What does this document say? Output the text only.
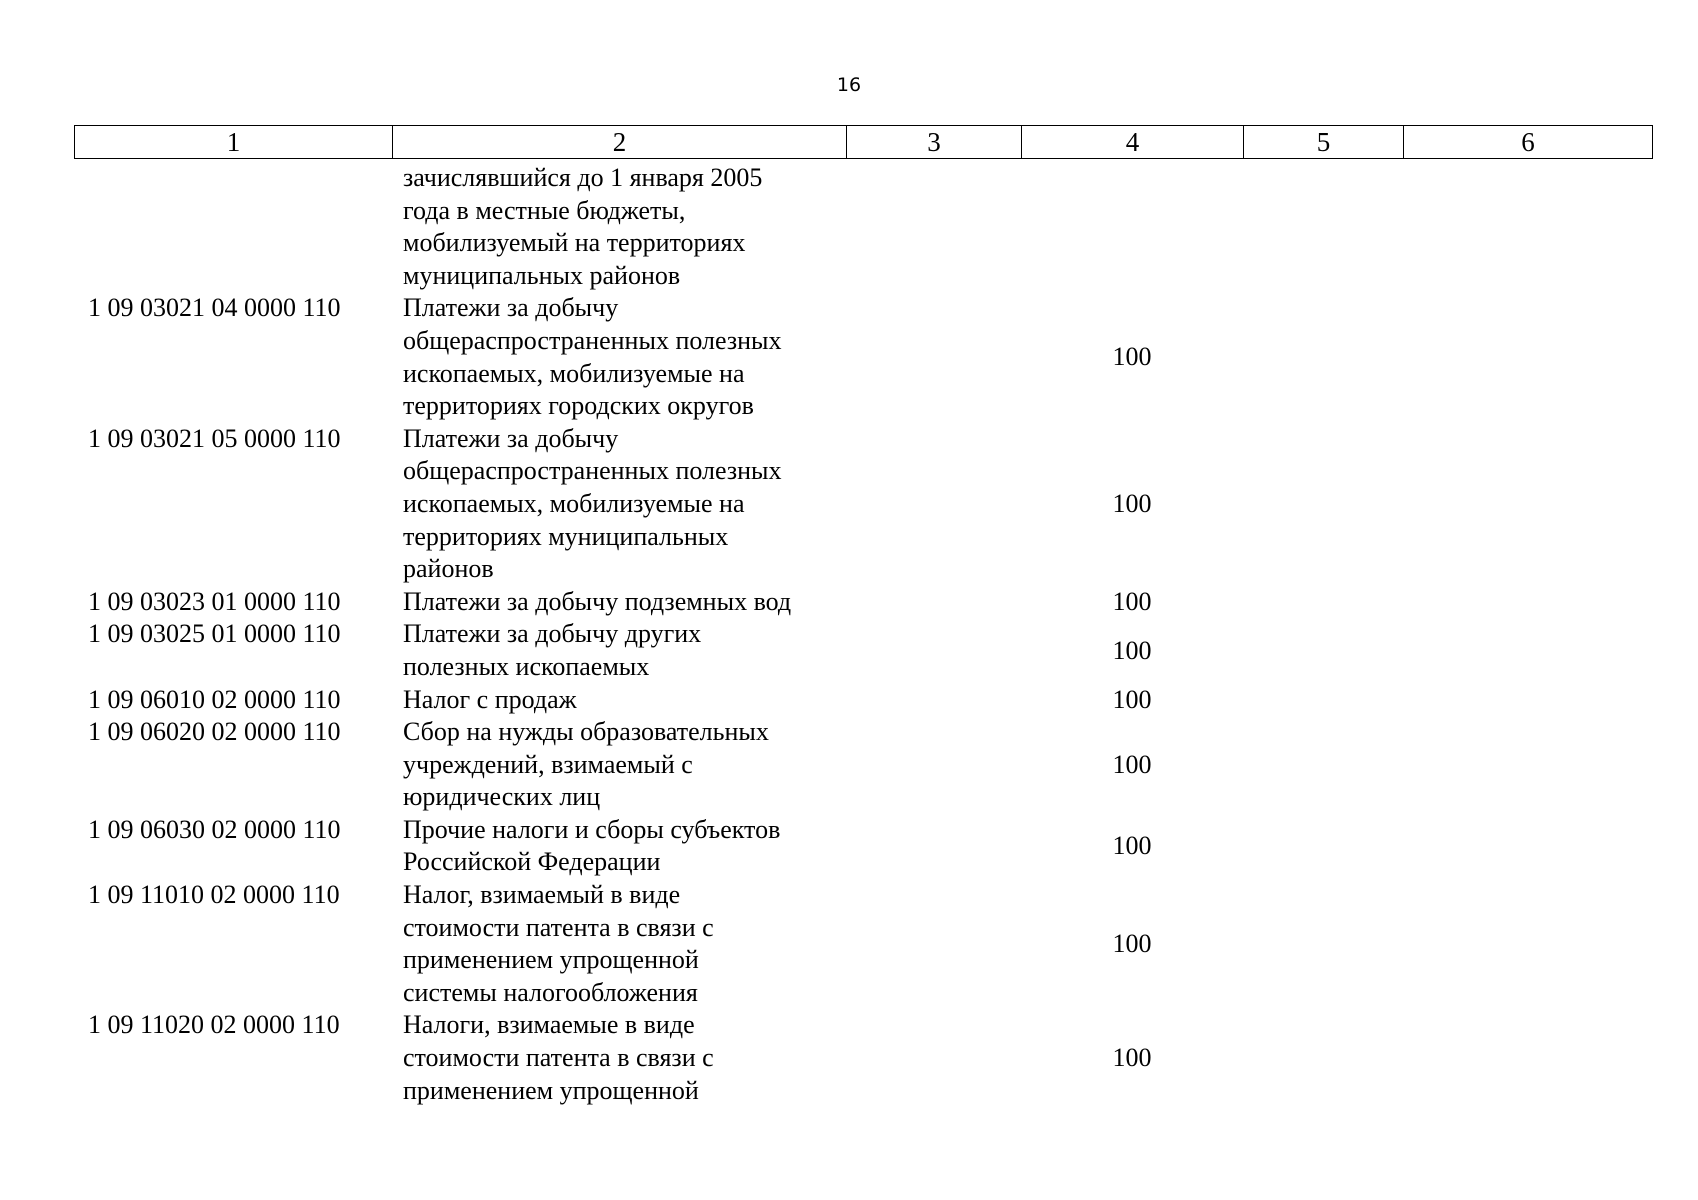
16
1	2	3	4	5	6

	зачислявшийся до 1 января 2005
года в местные бюджеты,
мобилизуемый на территориях
муниципальных районов				

1 09 03021 04 0000 110	Платежи за добычу
общераспространенных полезных
ископаемых, мобилизуемые на
территориях городских округов		100		
1 09 03021 05 0000 110	Платежи за добычу
общераспространенных полезных
ископаемых, мобилизуемые на
территориях муниципальных
районов		100		
1 09 03023 01 0000 110	Платежи за добычу подземных вод		100		
1 09 03025 01 0000 110	Платежи за добычу других
полезных ископаемых		100		
1 09 06010 02 0000 110	Налог с продаж		100		
1 09 06020 02 0000 110	Сбор на нужды образовательных
учреждений, взимаемый с
юридических лиц		100		
1 09 06030 02 0000 110	Прочие налоги и сборы субъектов
Российской Федерации		100		
1 09 11010 02 0000 110	Налог, взимаемый в виде
стоимости патента в связи с
применением упрощенной
системы налогообложения		100		
1 09 11020 02 0000 110	Налоги, взимаемые в виде
стоимости патента в связи с
применением упрощенной		100		
